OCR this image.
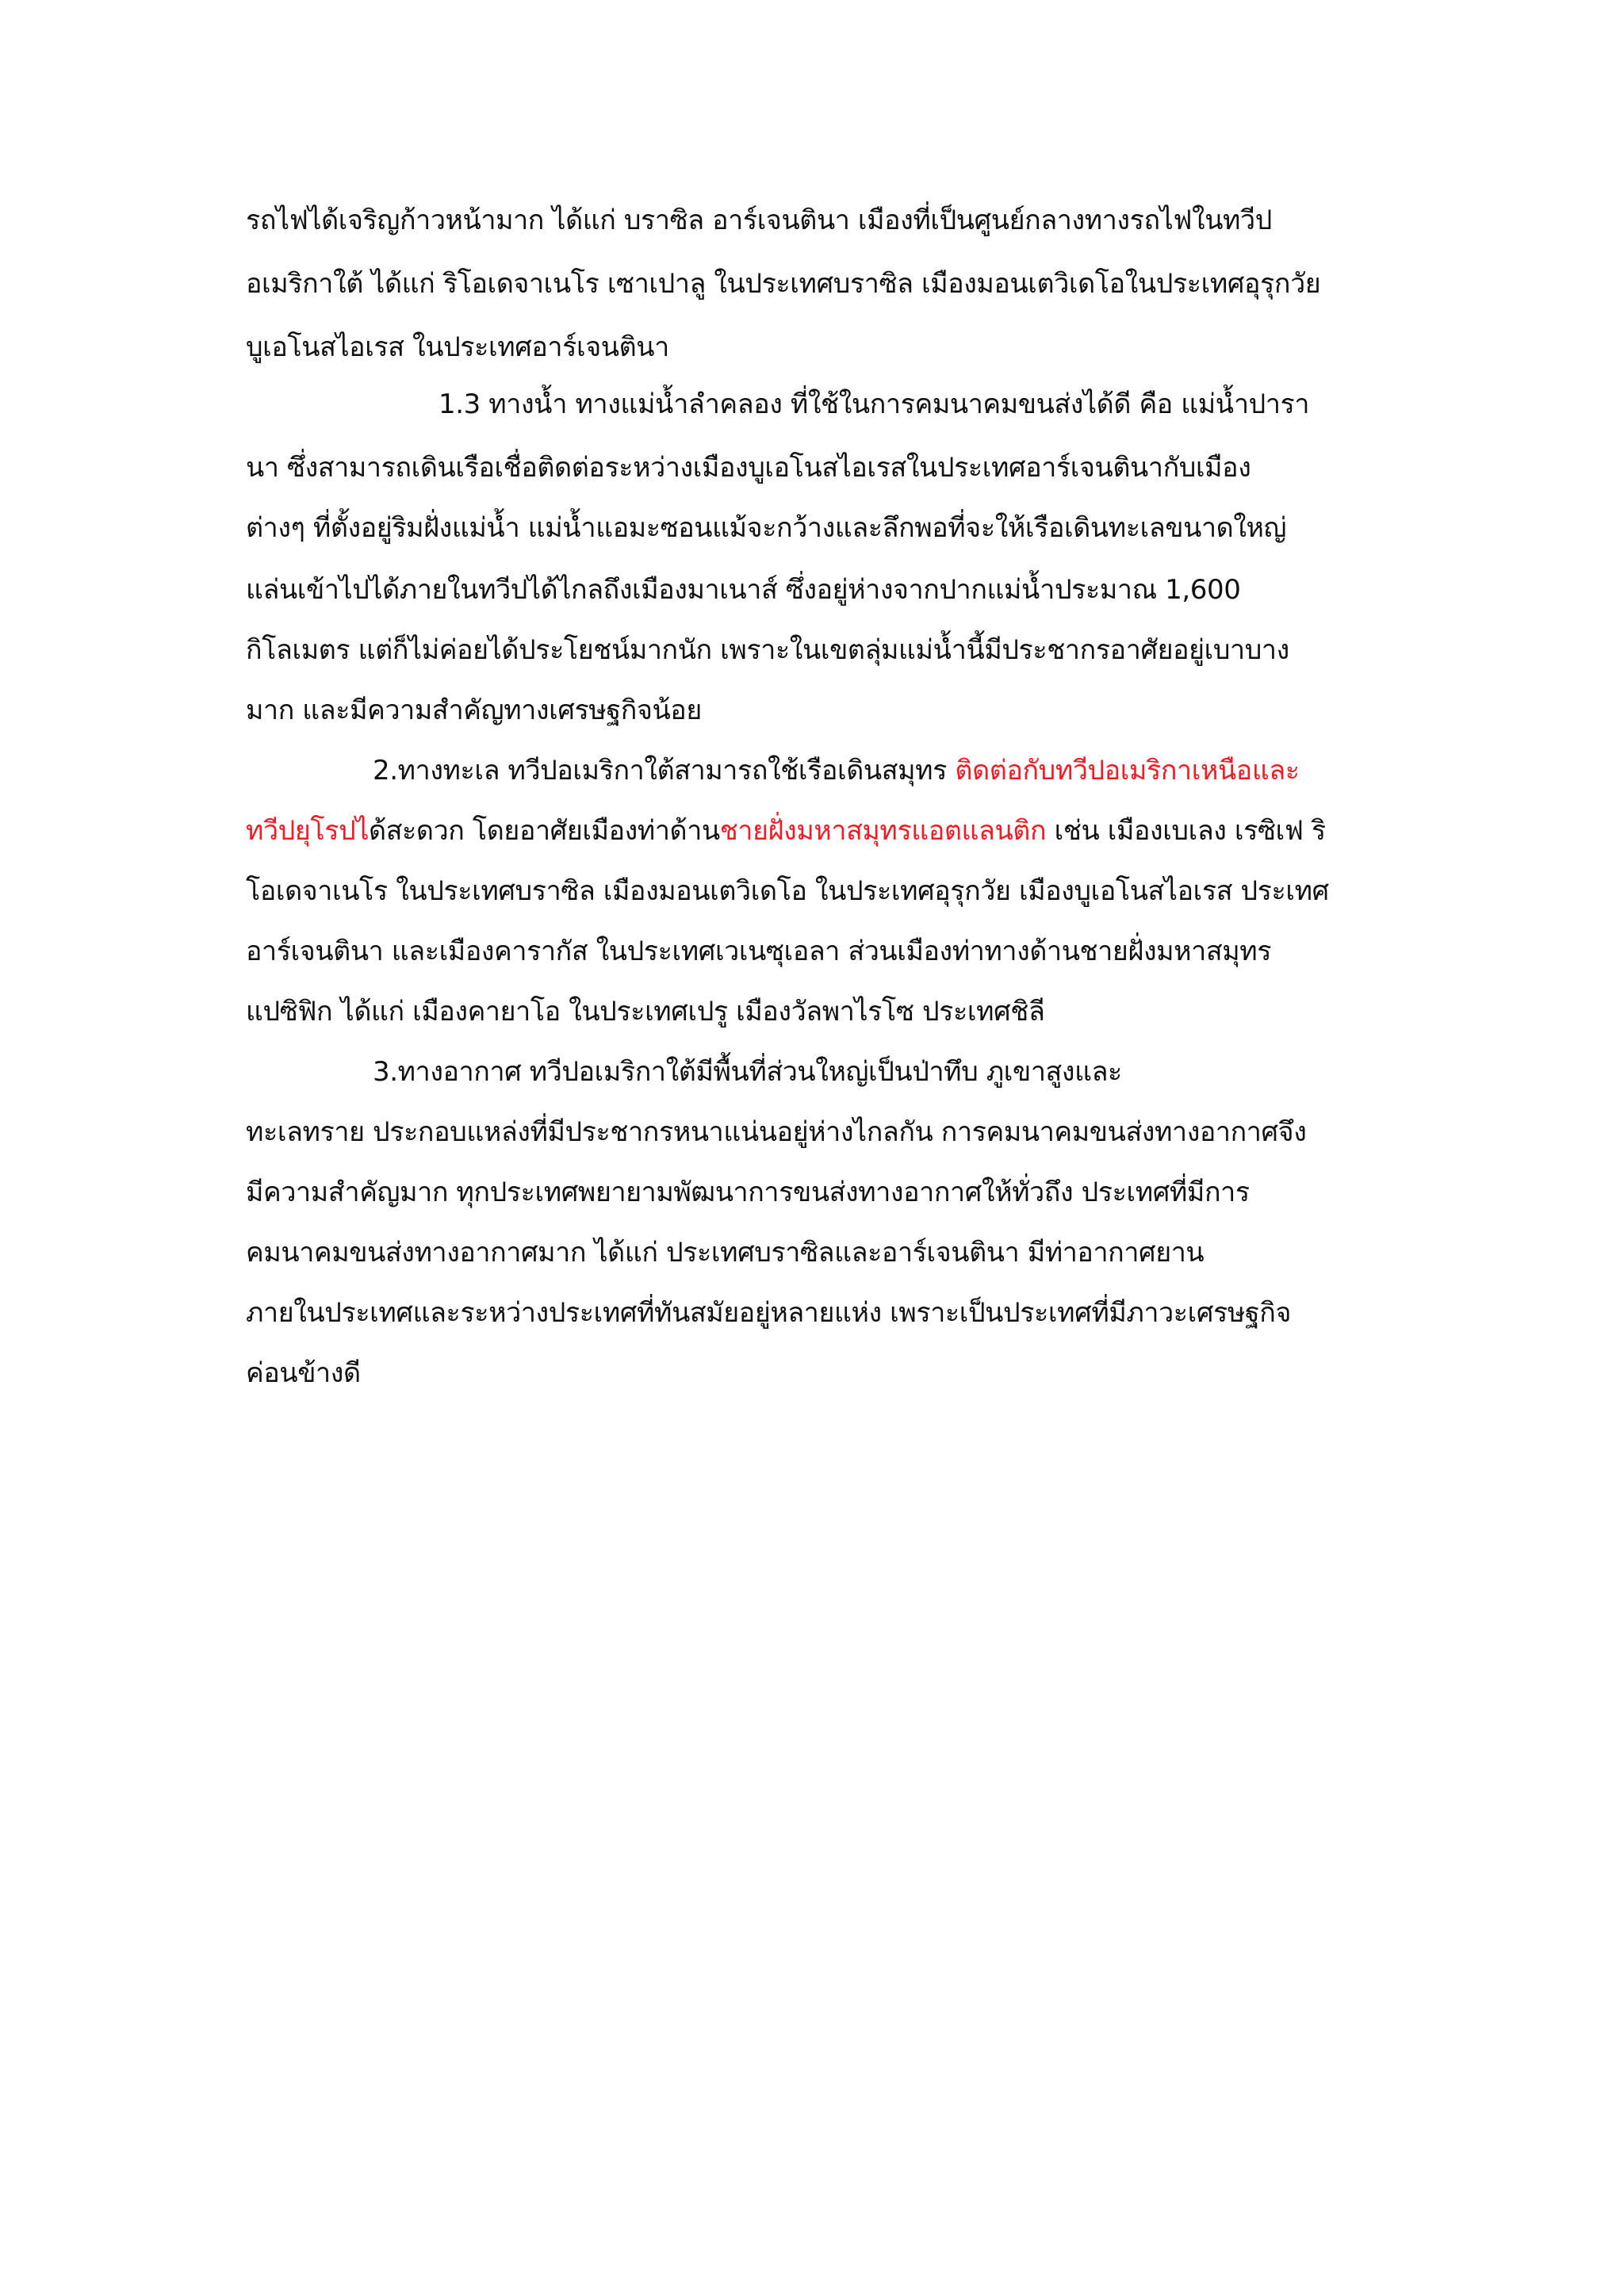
รถไฟได้เจริญก้าวหน้ามาก ได้แก่ บราซิล อาร์เจนตินา เมืองที่เป็นศูนย์กลางทางรถไฟในทวีป
อเมริกาใต้ ได้แก่ ริโอเดจาเนโร เซาเปาลู ในประเทศบราซิล เมืองมอนเตวิเดโอในประเทศอุรุกวัย
บูเอโนสไอเรส ในประเทศอาร์เจนตินา
1.3 ทางน้ำ ทางแม่น้ำลำคลอง ที่ใช้ในการคมนาคมขนส่งได้ดี คือ แม่น้ำปารา
นา ซึ่งสามารถเดินเรือเชื่อติดต่อระหว่างเมืองบูเอโนสไอเรสในประเทศอาร์เจนตินากับเมือง
ต่างๆ ที่ตั้งอยู่ริมฝั่งแม่น้ำ แม่น้ำแอมะซอนแม้จะกว้างและลึกพอที่จะให้เรือเดินทะเลขนาดใหญ่
แล่นเข้าไปได้ภายในทวีปได้ไกลถึงเมืองมาเนาส์ ซึ่งอยู่ห่างจากปากแม่น้ำประมาณ 1,600
กิโลเมตร แต่ก็ไม่ค่อยได้ประโยชน์มากนัก เพราะในเขตลุ่มแม่น้ำนี้มีประชากรอาศัยอยู่เบาบาง
มาก และมีความสำคัญทางเศรษฐกิจน้อย
2.ทางทะเล ทวีปอเมริกาใต้สามารถใช้เรือเดินสมุทร ติดต่อกับทวีปอเมริกาเหนือและ
ทวีปยุโรปได้สะดวก โดยอาศัยเมืองท่าด้านชายฝั่งมหาสมุทรแอตแลนติก เช่น เมืองเบเลง เรซิเฟ ริ
โอเดจาเนโร ในประเทศบราซิล เมืองมอนเตวิเดโอ ในประเทศอุรุกวัย เมืองบูเอโนสไอเรส ประเทศ
อาร์เจนตินา และเมืองคารากัส ในประเทศเวเนซุเอลา ส่วนเมืองท่าทางด้านชายฝั่งมหาสมุทร
แปซิฟิก ได้แก่ เมืองคายาโอ ในประเทศเปรู เมืองวัลพาไรโซ ประเทศชิลี
3.ทางอากาศ ทวีปอเมริกาใต้มีพื้นที่ส่วนใหญ่เป็นป่าทึบ ภูเขาสูงและ
ทะเลทราย ประกอบแหล่งที่มีประชากรหนาแน่นอยู่ห่างไกลกัน การคมนาคมขนส่งทางอากาศจึง
มีความสำคัญมาก ทุกประเทศพยายามพัฒนาการขนส่งทางอากาศให้ทั่วถึง ประเทศที่มีการ
คมนาคมขนส่งทางอากาศมาก ได้แก่ ประเทศบราซิลและอาร์เจนตินา มีท่าอากาศยาน
ภายในประเทศและระหว่างประเทศที่ทันสมัยอยู่หลายแห่ง เพราะเป็นประเทศที่มีภาวะเศรษฐกิจ
ค่อนข้างดี
